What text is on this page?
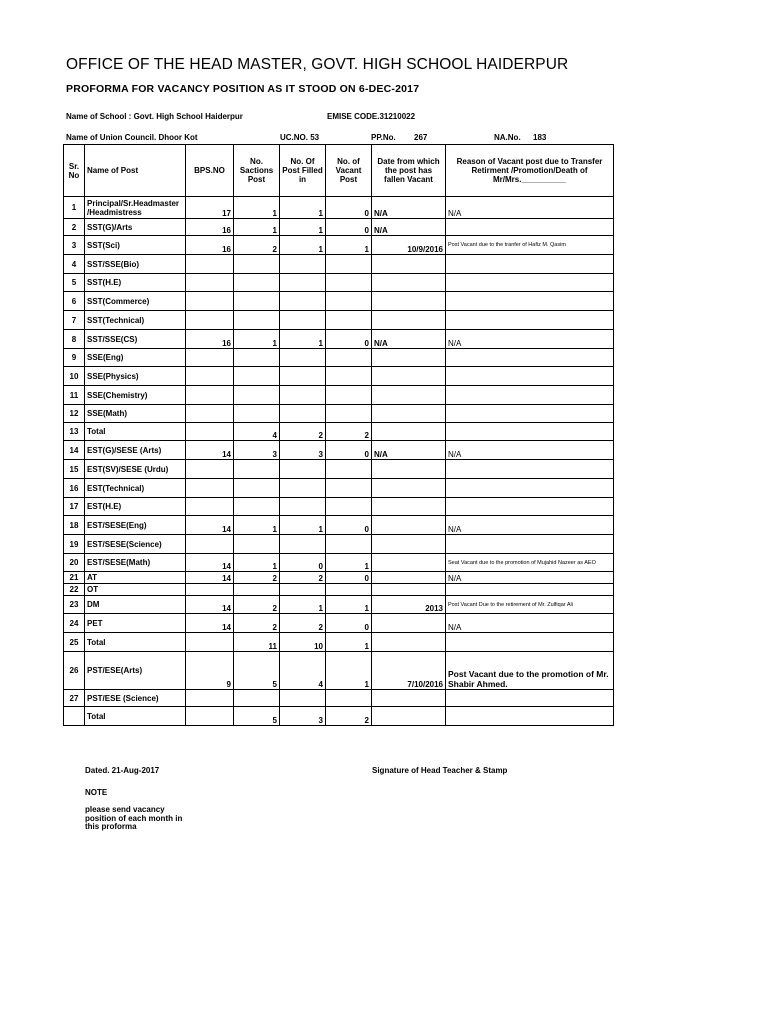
OFFICE OF THE HEAD MASTER, GOVT. HIGH SCHOOL HAIDERPUR
PROFORMA FOR VACANCY POSITION AS IT STOOD ON 6-DEC-2017
Name of School : Govt. High School Haiderpur	EMISE CODE.31210022
Name of Union Council. Dhoor Kot	UC.NO. 53	PP.No. 267	NA.No. 183
Sr. No	Name of Post	BPS.NO	No. Sactions Post	No. Of Post Filled in	No. of Vacant Post	Date from which the post has fallen Vacant	Reason of Vacant post due to Transfer Retirment /Promotion/Death of Mr/Mrs.__________
1	Principal/Sr.Headmaster /Headmistress	17	1	1	0	N/A	N/A
2	SST(G)/Arts	16	1	1	0	N/A	
3	SST(Sci)	16	2	1	1	10/9/2016	Post Vacant due to the tranfer of Hafiz M. Qasim
4	SST/SSE(Bio)						
5	SST(H.E)						
6	SST(Commerce)						
7	SST(Technical)						
8	SST/SSE(CS)	16	1	1	0	N/A	N/A
9	SSE(Eng)						
10	SSE(Physics)						
11	SSE(Chemistry)						
12	SSE(Math)						
13	Total		4	2	2		
14	EST(G)/SESE (Arts)	14	3	3	0	N/A	N/A
15	EST(SV)/SESE (Urdu)						
16	EST(Technical)						
17	EST(H.E)						
18	EST/SESE(Eng)	14	1	1	0		N/A
19	EST/SESE(Science)						
20	EST/SESE(Math)	14	1	0	1		Seat Vacant due to the promotion of Mujahid Nazeer as AEO
21	AT	14	2	2	0		N/A
22	OT						
23	DM	14	2	1	1	2013	Post Vacant Due to the retirement of Mr. Zulfiqar Ali
24	PET	14	2	2	0		N/A
25	Total		11	10	1		
26	PST/ESE(Arts)	9	5	4	1	7/10/2016	Post Vacant due to the promotion of Mr. Shabir Ahmed.
27	PST/ESE (Science)						
	Total		5	3	2		
Dated. 21-Aug-2017	Signature of Head Teacher & Stamp
NOTE
please send vacancy position of each month in this proforma
